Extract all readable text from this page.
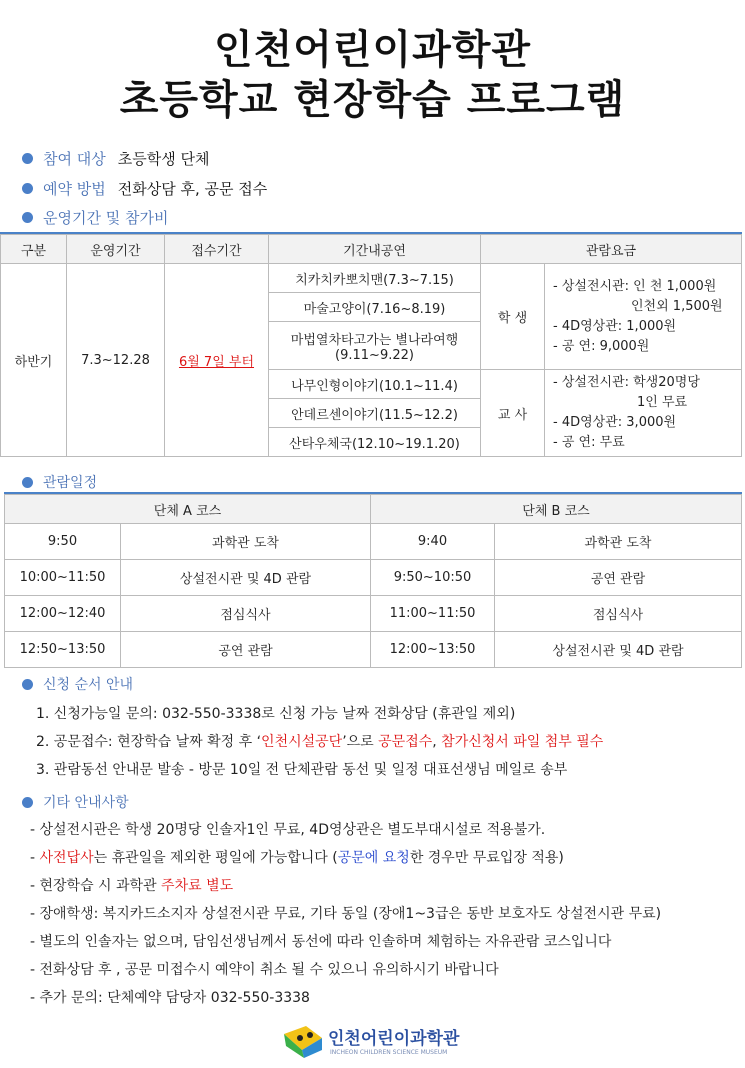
인천어린이과학관
초등학교 현장학습 프로그램
참여 대상 초등학생 단체
예약 방법 전화상담 후, 공문 접수
운영기간 및 참가비
구분	운영기간	접수기간	기간내공연	관람요금	
하반기	7.3~12.28	6월 7일 부터	치카치카뽀치맨(7.3~7.15)	학 생	- 상설전시관: 인 천 1,000원
인천외 1,500원
- 4D영상관: 1,000원
- 공 연: 9,000원

			마술고양이(7.16~8.19)		
			마법열차타고가는 별나라여행 (9.11~9.22)		
			나무인형이야기(10.1~11.4)	교 사	- 상설전시관: 학생20명당
1인 무료
- 4D영상관: 3,000원
- 공 연: 무료

			안데르센이야기(11.5~12.2)		
			산타우체국(12.10~19.1.20)		
관람일정
단체 A 코스		단체 B 코스	
9:50	과학관 도착	9:40	과학관 도착
10:00~11:50	상설전시관 및 4D 관람	9:50~10:50	공연 관람
12:00~12:40	점심식사	11:00~11:50	점심식사
12:50~13:50	공연 관람	12:00~13:50	상설전시관 및 4D 관람
신청 순서 안내
1. 신청가능일 문의: 032-550-3338로 신청 가능 날짜 전화상담 (휴관일 제외)
2. 공문접수: 현장학습 날짜 확정 후 ‘인천시설공단’으로 공문접수, 참가신청서 파일 첨부 필수
3. 관람동선 안내문 발송 - 방문 10일 전 단체관람 동선 및 일정 대표선생님 메일로 송부
기타 안내사항
- 상설전시관은 학생 20명당 인솔자1인 무료, 4D영상관은 별도부대시설로 적용불가.
- 사전답사는 휴관일을 제외한 평일에 가능합니다 (공문에 요청한 경우만 무료입장 적용)
- 현장학습 시 과학관 주차료 별도
- 장애학생: 복지카드소지자 상설전시관 무료, 기타 동일 (장애1~3급은 동반 보호자도 상설전시관 무료)
- 별도의 인솔자는 없으며, 담임선생님께서 동선에 따라 인솔하며 체험하는 자유관람 코스입니다
- 전화상담 후 , 공문 미접수시 예약이 취소 될 수 있으니 유의하시기 바랍니다
- 추가 문의: 단체예약 담당자 032-550-3338
인천어린이과학관
INCHEON CHILDREN SCIENCE MUSEUM
